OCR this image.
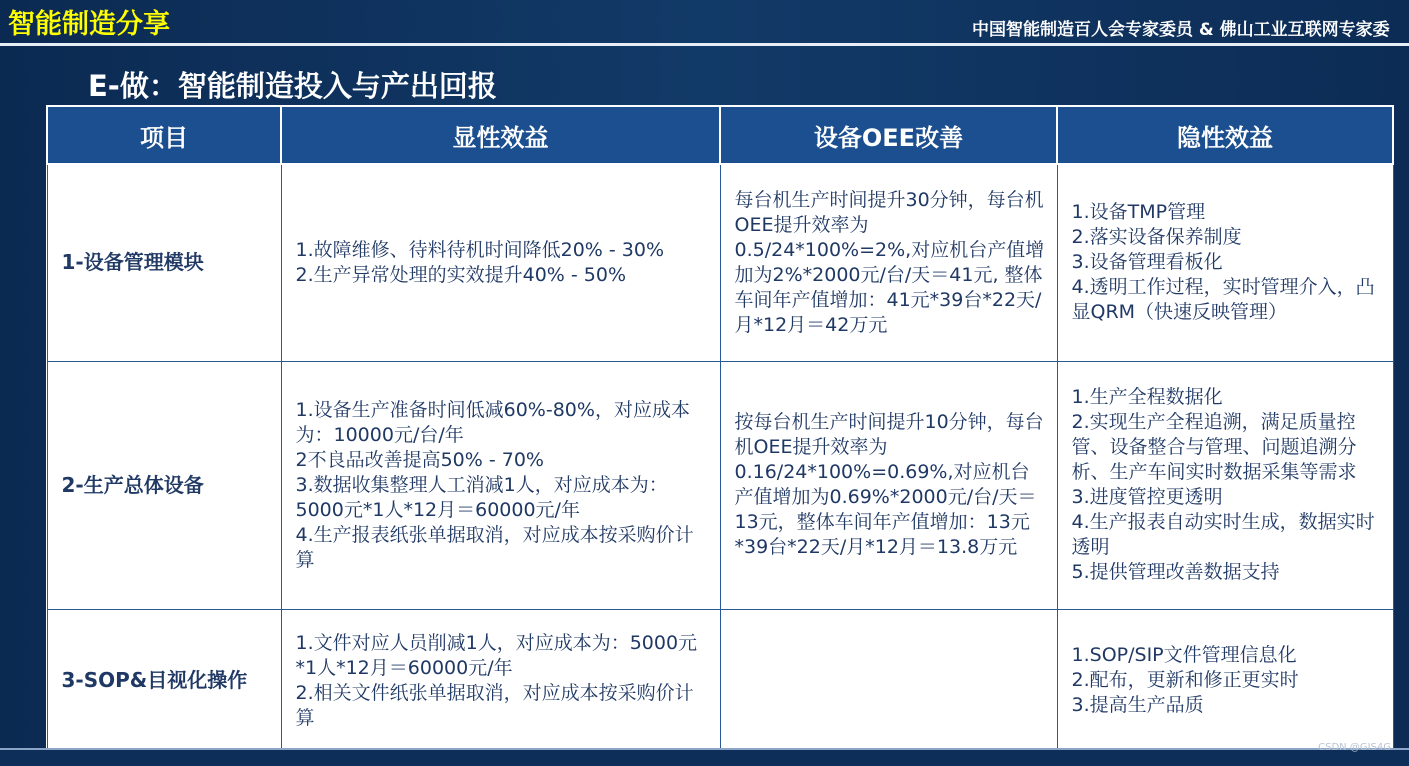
智能制造分享	中国智能制造百人会专家委员 & 佛山工业互联网专家委
E-做：智能制造投入与产出回报
项目	显性效益	设备OEE改善	隐性效益
1-设备管理模块	1.故障维修、待料待机时间降低20% - 30%
2.生产异常处理的实效提升40% - 50%	每台机生产时间提升30分钟，每台机OEE提升效率为0.5/24*100%=2%,对应机台产值增加为2%*2000元/台/天＝41元, 整体车间年产值增加：41元*39台*22天/月*12月＝42万元	1.设备TMP管理
2.落实设备保养制度
3.设备管理看板化
4.透明工作过程，实时管理介入，凸显QRM（快速反映管理）

2-生产总体设备	1.设备生产准备时间低减60%-80%，对应成本为：10000元/台/年
2不良品改善提高50% - 70%
3.数据收集整理人工消减1人，对应成本为：5000元*1人*12月＝60000元/年
4.生产报表纸张单据取消，对应成本按采购价计算	按每台机生产时间提升10分钟，每台机OEE提升效率为0.16/24*100%=0.69%,对应机台产值增加为0.69%*2000元/台/天＝13元，整体车间年产值增加：13元*39台*22天/月*12月＝13.8万元	1.生产全程数据化
2.实现生产全程追溯，满足质量控管、设备整合与管理、问题追溯分析、生产车间实时数据采集等需求
3.进度管控更透明
4.生产报表自动实时生成，数据实时透明
5.提供管理改善数据支持

3-SOP&目视化操作	1.文件对应人员削减1人，对应成本为：5000元*1人*12月＝60000元/年
2.相关文件纸张单据取消，对应成本按采购价计算		1.SOP/SIP文件管理信息化
2.配布，更新和修正更实时
3.提高生产品质
CSDN @GIS4G
